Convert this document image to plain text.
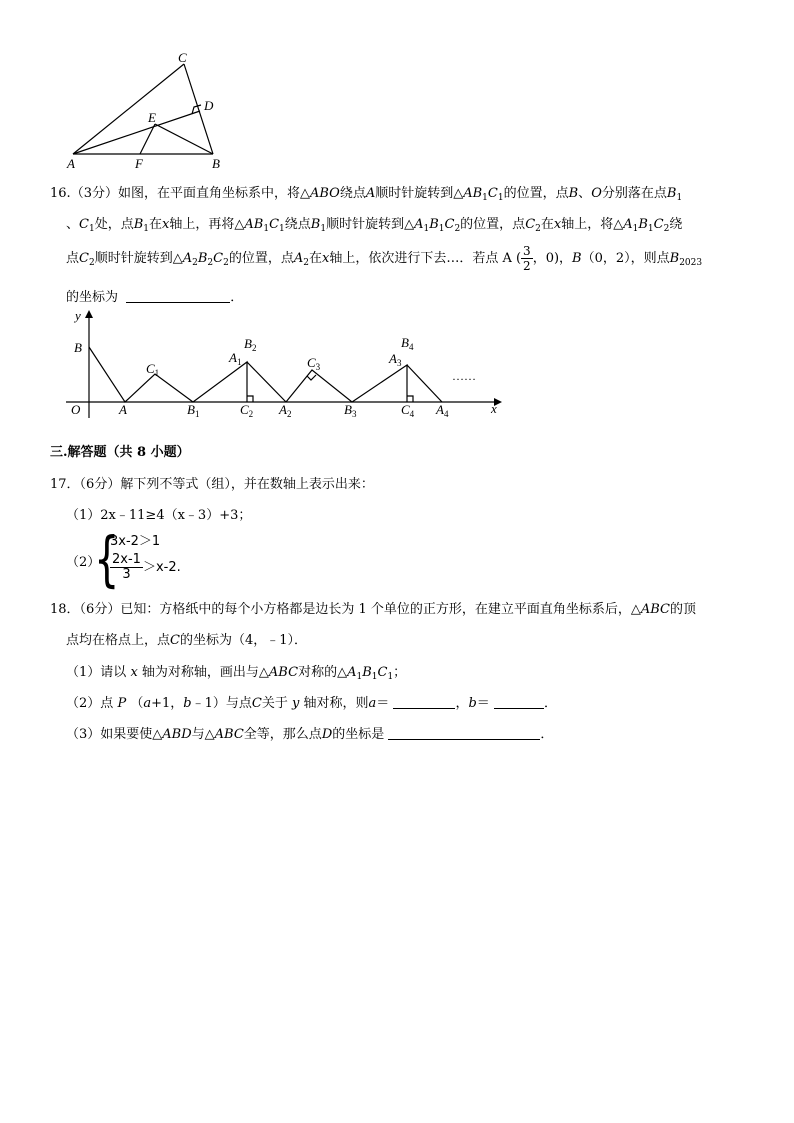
A	F	B
C
D
E
16.（3分）如图，在平面直角坐标系中，将△ABO绕点A顺时针旋转到$\triangle AB_1C_1$的位置，点B、O分别落在点$B_1$
、$C_1$处，点$B_1$在x轴上，再将$\triangle AB_1C_1$绕点$B_1$顺时针旋转到$\triangle A_1B_1C_2$的位置，点$C_2$在x轴上，将$\triangle A_1B_1C_2$绕
点$C_2$顺时针旋转到$\triangle A_2B_2C_2$的位置，点$A_2$在x轴上，依次进行下去…．若点 A ( $\frac{3}{2}$ ，0)，B（0，2），则点$B_{2023}$
的坐标为	．
y
x
O
B
A
$C_1$
$B_1$
$A_1$
$B_2$
$C_2$ $A_2$
$C_3$
$B_3$
$A_3$
$B_4$
$C_4$ $A_4$
……
三.解答题（共 8 小题）
17．（6分）解下列不等式（组），并在数轴上表示出来：
（1）2x﹣11≥4（x﹣3）+3；
（2）
{
3x-2＞1
$\frac{2x-1}{3} >x-2$.
18．（6分）已知：方格纸中的每个小方格都是边长为 1 个单位的正方形，在建立平面直角坐标系后，△ABC的顶
点均在格点上，点C的坐标为（4，﹣1）．
（1）请以 x 轴为对称轴，画出与△ABC对称的$\triangle A_1B_1C_1$；
（2）点 P （a+1，b﹣1）与点C关于 y 轴对称，则a＝	，b＝	．
（3）如果要使△ABD与△ABC全等，那么点D的坐标是	．
